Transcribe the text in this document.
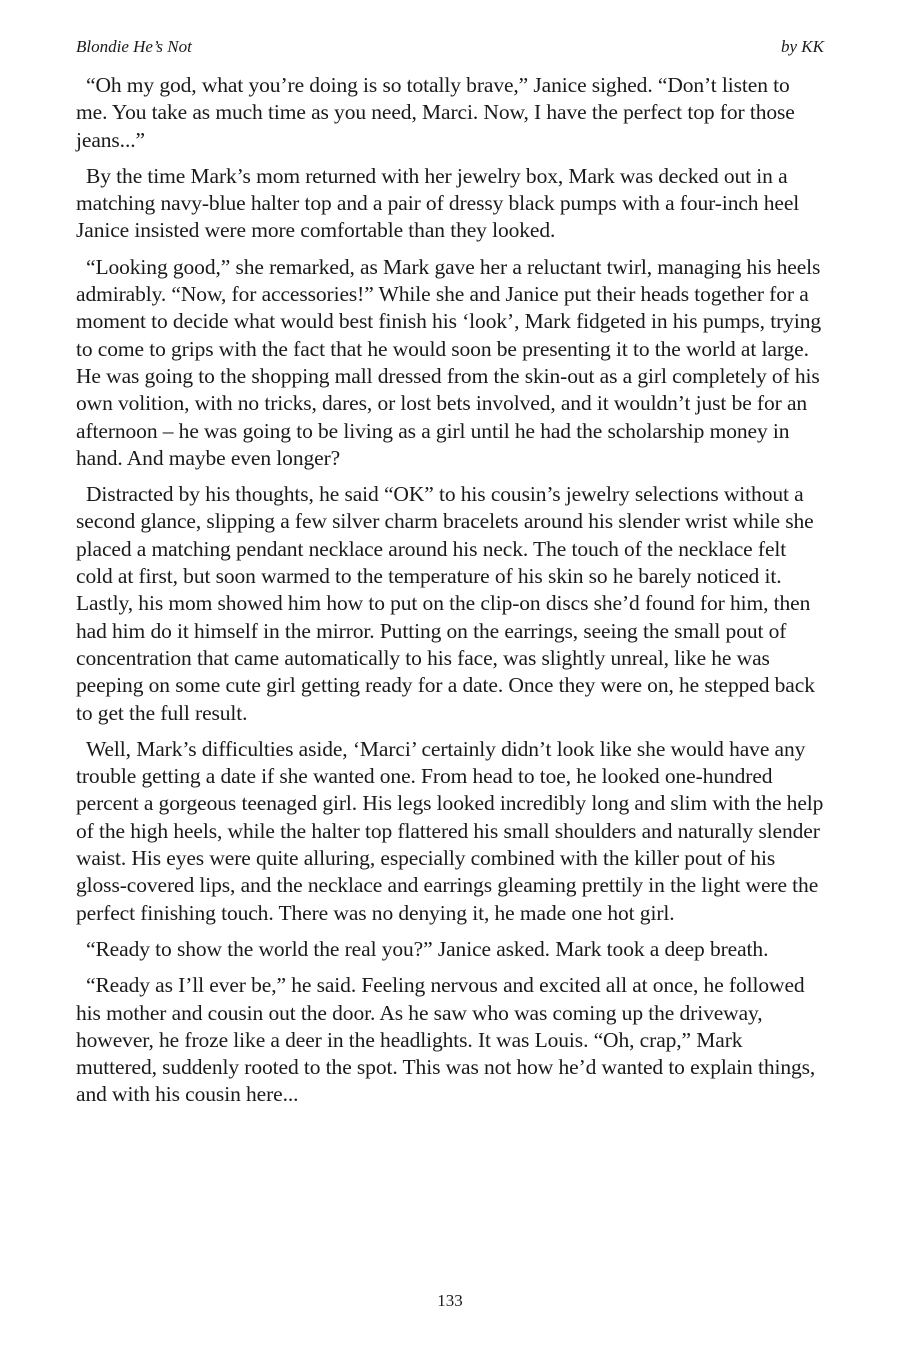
Blondie He’s Not	by KK

“Oh my god, what you’re doing is so totally brave,” Janice sighed. “Don’t listen to me. You take as much time as you need, Marci. Now, I have the perfect top for those jeans...”

By the time Mark’s mom returned with her jewelry box, Mark was decked out in a matching navy-blue halter top and a pair of dressy black pumps with a four-inch heel Janice insisted were more comfortable than they looked.

“Looking good,” she remarked, as Mark gave her a reluctant twirl, managing his heels admirably. “Now, for accessories!” While she and Janice put their heads together for a moment to decide what would best finish his ‘look’, Mark fidgeted in his pumps, trying to come to grips with the fact that he would soon be presenting it to the world at large. He was going to the shopping mall dressed from the skin-out as a girl completely of his own volition, with no tricks, dares, or lost bets involved, and it wouldn’t just be for an afternoon – he was going to be living as a girl until he had the scholarship money in hand. And maybe even longer?

Distracted by his thoughts, he said “OK” to his cousin’s jewelry selections without a second glance, slipping a few silver charm bracelets around his slender wrist while she placed a matching pendant necklace around his neck. The touch of the necklace felt cold at first, but soon warmed to the temperature of his skin so he barely noticed it. Lastly, his mom showed him how to put on the clip-on discs she’d found for him, then had him do it himself in the mirror. Putting on the earrings, seeing the small pout of concentration that came automatically to his face, was slightly unreal, like he was peeping on some cute girl getting ready for a date. Once they were on, he stepped back to get the full result.

Well, Mark’s difficulties aside, ‘Marci’ certainly didn’t look like she would have any trouble getting a date if she wanted one. From head to toe, he looked one-hundred percent a gorgeous teenaged girl. His legs looked incredibly long and slim with the help of the high heels, while the halter top flattered his small shoulders and naturally slender waist. His eyes were quite alluring, especially combined with the killer pout of his gloss-covered lips, and the necklace and earrings gleaming prettily in the light were the perfect finishing touch. There was no denying it, he made one hot girl.

“Ready to show the world the real you?” Janice asked. Mark took a deep breath.

“Ready as I’ll ever be,” he said. Feeling nervous and excited all at once, he followed his mother and cousin out the door. As he saw who was coming up the driveway, however, he froze like a deer in the headlights. It was Louis. “Oh, crap,” Mark muttered, suddenly rooted to the spot. This was not how he’d wanted to explain things, and with his cousin here...

133
